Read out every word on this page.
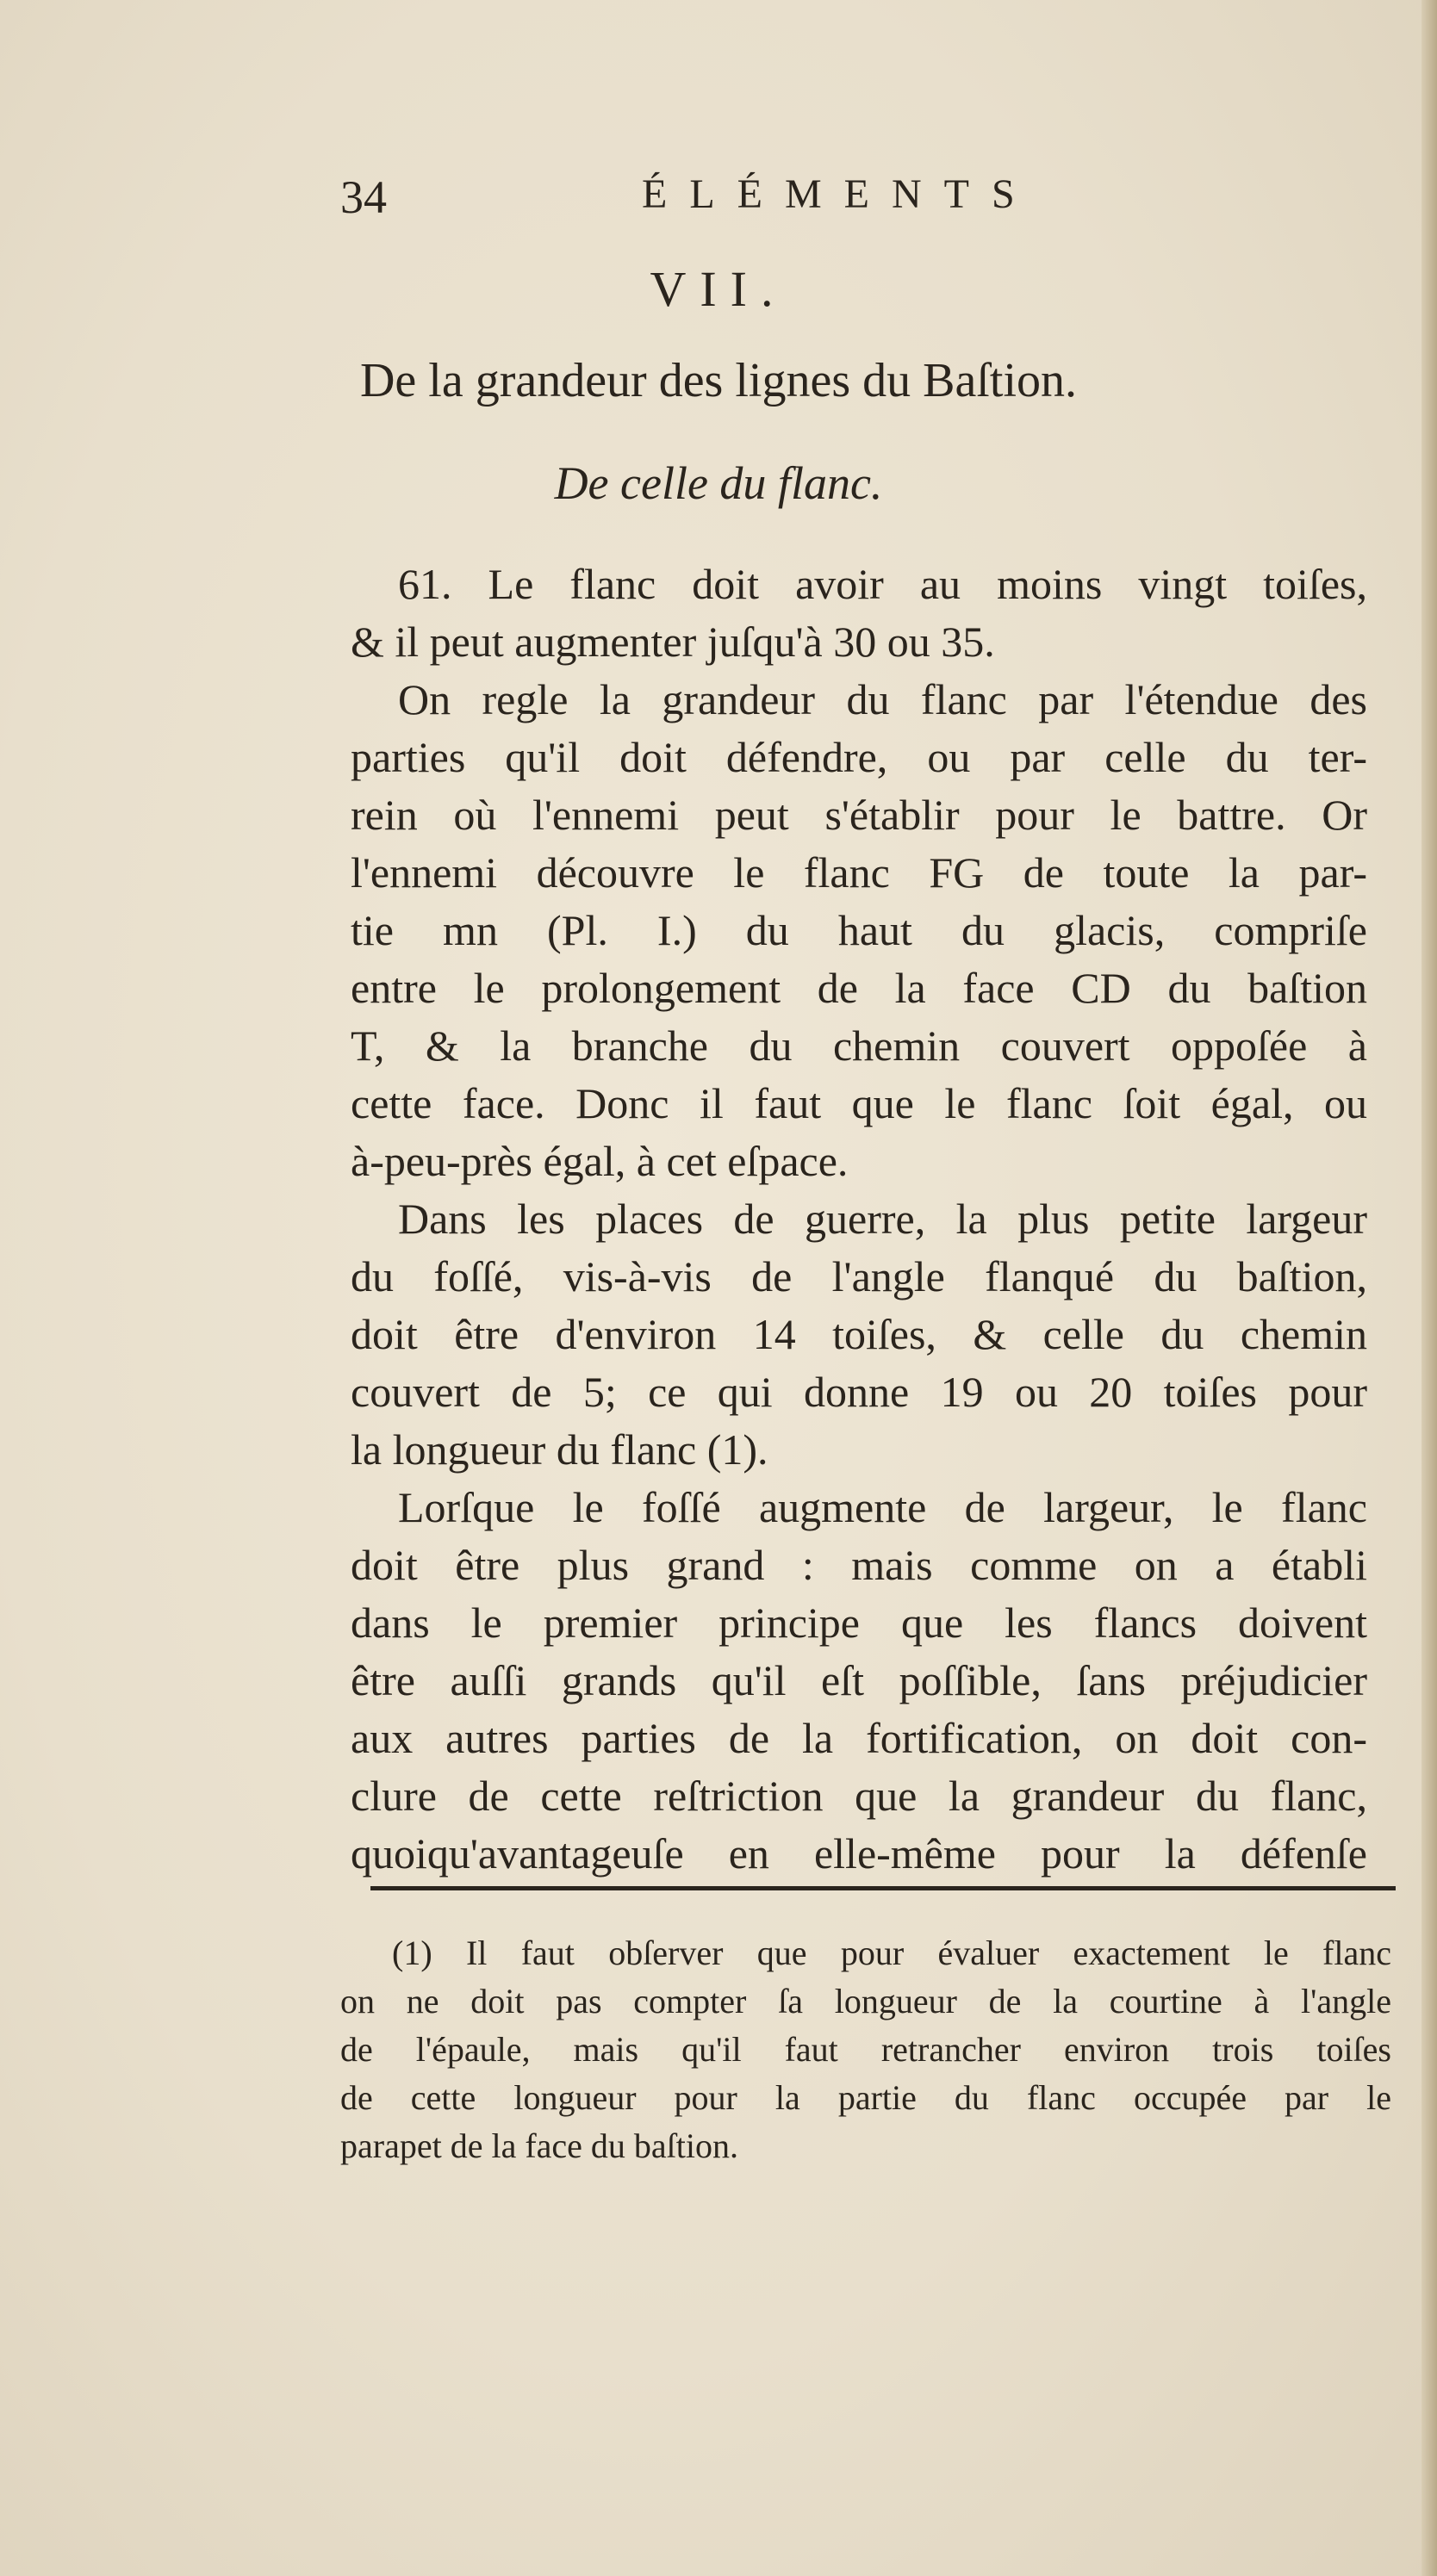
34	ÉLÉMENTS
VII.
De la grandeur des lignes du Baſtion.
De celle du flanc.
61. Le flanc doit avoir au moins vingt toiſes,
& il peut augmenter juſqu'à 30 ou 35.
On regle la grandeur du flanc par l'étendue des
parties qu'il doit défendre, ou par celle du ter-
rein où l'ennemi peut s'établir pour le battre. Or
l'ennemi découvre le flanc FG de toute la par-
tie mn (Pl. I.) du haut du glacis, compriſe
entre le prolongement de la face CD du baſtion
T, & la branche du chemin couvert oppoſée à
cette face. Donc il faut que le flanc ſoit égal, ou
à-peu-près égal, à cet eſpace.
Dans les places de guerre, la plus petite largeur
du foſſé, vis-à-vis de l'angle flanqué du baſtion,
doit être d'environ 14 toiſes, & celle du chemin
couvert de 5; ce qui donne 19 ou 20 toiſes pour
la longueur du flanc (1).
Lorſque le foſſé augmente de largeur, le flanc
doit être plus grand : mais comme on a établi
dans le premier principe que les flancs doivent
être auſſi grands qu'il eſt poſſible, ſans préjudicier
aux autres parties de la fortification, on doit con-
clure de cette reſtriction que la grandeur du flanc,
quoiqu'avantageuſe en elle-même pour la défenſe
(1) Il faut obſerver que pour évaluer exactement le flanc
on ne doit pas compter ſa longueur de la courtine à l'angle
de l'épaule, mais qu'il faut retrancher environ trois toiſes
de cette longueur pour la partie du flanc occupée par le
parapet de la face du baſtion.
